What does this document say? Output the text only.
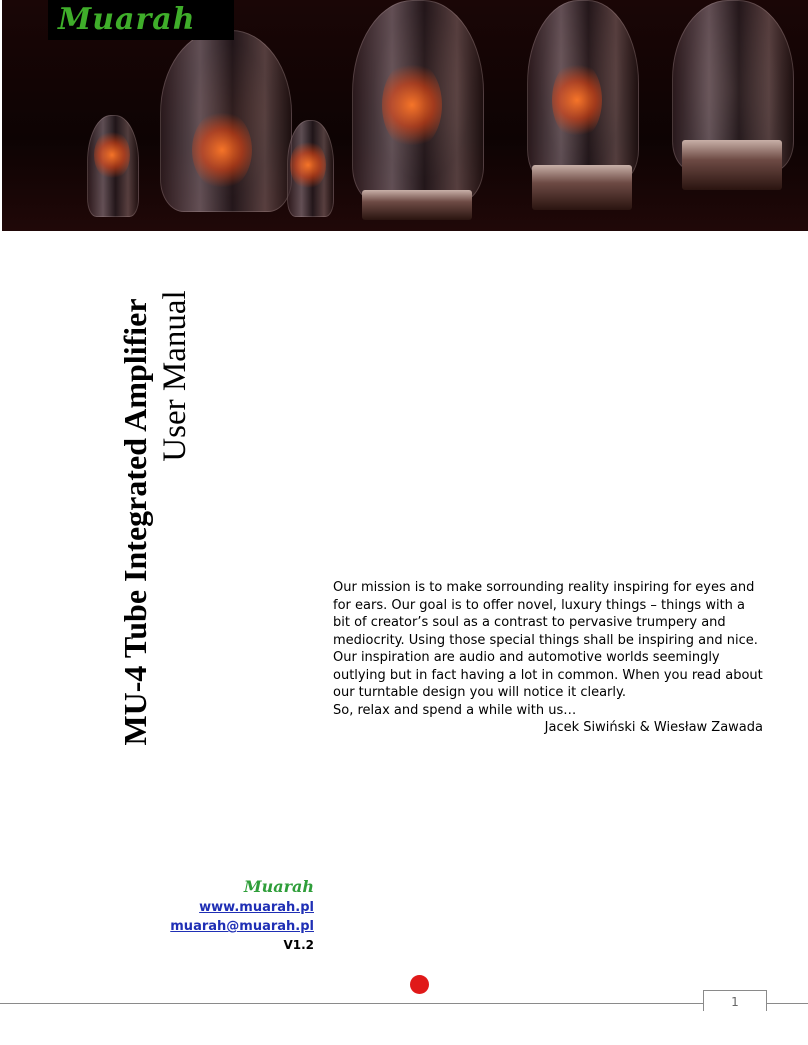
Muarah
MU-4 Tube Integrated Amplifier User Manual

Our mission is to make sorrounding reality inspiring for eyes and for ears. Our goal is to offer novel, luxury things – things with a bit of creator’s soul as a contrast to pervasive trumpery and mediocrity. Using those special things shall be inspiring and nice. Our inspiration are audio and automotive worlds seemingly outlying but in fact having a lot in common. When you read about our turntable design you will notice it clearly.

So, relax and spend a while with us…

Jacek Siwiński & Wiesław Zawada

Muarah
www.muarah.pl
muarah@muarah.pl
V1.2
1
